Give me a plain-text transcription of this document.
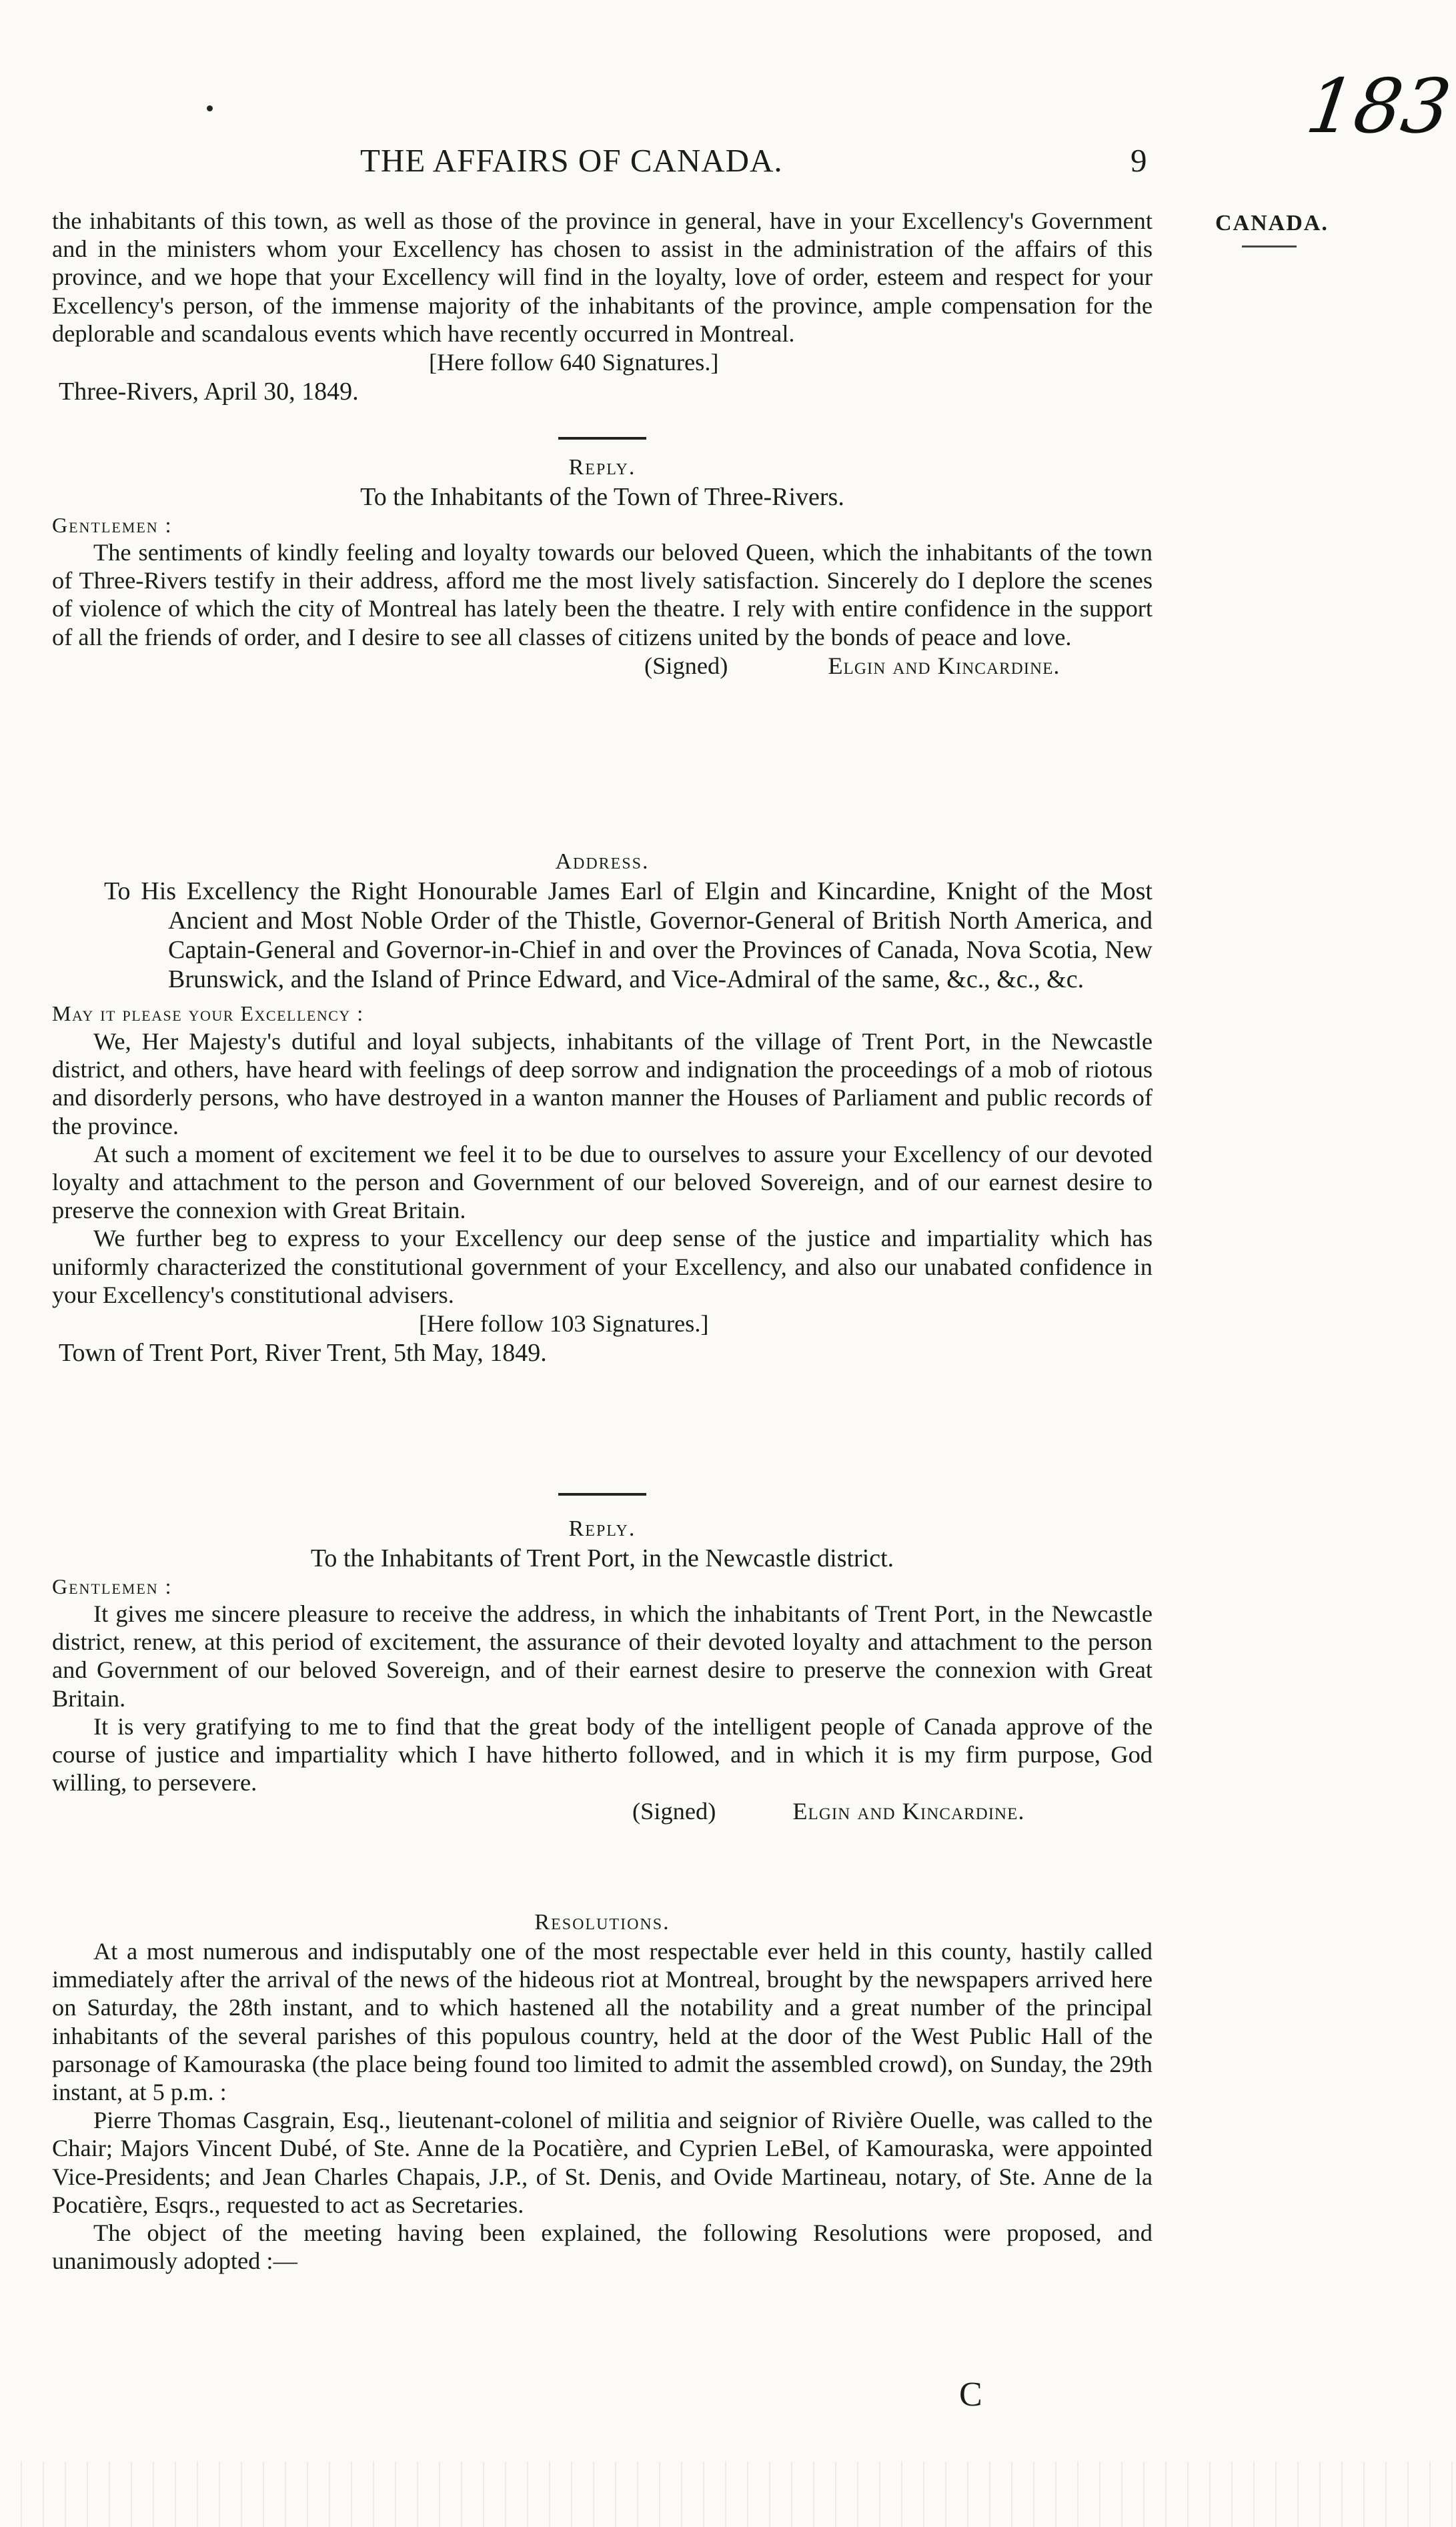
183
THE AFFAIRS OF CANADA.	9
CANADA.

the inhabitants of this town, as well as those of the province in general, have in your Excellency's Government and in the ministers whom your Excellency has chosen to assist in the administration of the affairs of this province, and we hope that your Excellency will find in the loyalty, love of order, esteem and respect for your Excellency's person, of the immense majority of the inhabitants of the province, ample compensation for the deplorable and scandalous events which have recently occurred in Montreal.

[Here follow 640 Signatures.]
Three-Rivers, April 30, 1849.
Reply.
To the Inhabitants of the Town of Three-Rivers.
Gentlemen :

The sentiments of kindly feeling and loyalty towards our beloved Queen, which the inhabitants of the town of Three-Rivers testify in their address, afford me the most lively satisfaction. Sincerely do I deplore the scenes of violence of which the city of Montreal has lately been the theatre. I rely with entire confidence in the support of all the friends of order, and I desire to see all classes of citizens united by the bonds of peace and love.

(Signed)	Elgin and Kincardine.
Address.

To His Excellency the Right Honourable James Earl of Elgin and Kincardine, Knight of the Most Ancient and Most Noble Order of the Thistle, Governor-General of British North America, and Captain-General and Governor-in-Chief in and over the Provinces of Canada, Nova Scotia, New Brunswick, and the Island of Prince Edward, and Vice-Admiral of the same, &c., &c., &c.

May it please your Excellency :

We, Her Majesty's dutiful and loyal subjects, inhabitants of the village of Trent Port, in the Newcastle district, and others, have heard with feelings of deep sorrow and indignation the proceedings of a mob of riotous and disorderly persons, who have destroyed in a wanton manner the Houses of Parliament and public records of the province.

At such a moment of excitement we feel it to be due to ourselves to assure your Excellency of our devoted loyalty and attachment to the person and Government of our beloved Sovereign, and of our earnest desire to preserve the connexion with Great Britain.

We further beg to express to your Excellency our deep sense of the justice and impartiality which has uniformly characterized the constitutional government of your Excellency, and also our unabated confidence in your Excellency's constitutional advisers.

[Here follow 103 Signatures.]
Town of Trent Port, River Trent, 5th May, 1849.
Reply.
To the Inhabitants of Trent Port, in the Newcastle district.
Gentlemen :

It gives me sincere pleasure to receive the address, in which the inhabitants of Trent Port, in the Newcastle district, renew, at this period of excitement, the assurance of their devoted loyalty and attachment to the person and Government of our beloved Sovereign, and of their earnest desire to preserve the connexion with Great Britain.

It is very gratifying to me to find that the great body of the intelligent people of Canada approve of the course of justice and impartiality which I have hitherto followed, and in which it is my firm purpose, God willing, to persevere.

(Signed)	Elgin and Kincardine.
Resolutions.

At a most numerous and indisputably one of the most respectable ever held in this county, hastily called immediately after the arrival of the news of the hideous riot at Montreal, brought by the newspapers arrived here on Saturday, the 28th instant, and to which hastened all the notability and a great number of the principal inhabitants of the several parishes of this populous country, held at the door of the West Public Hall of the parsonage of Kamouraska (the place being found too limited to admit the assembled crowd), on Sunday, the 29th instant, at 5 p.m. :

Pierre Thomas Casgrain, Esq., lieutenant-colonel of militia and seignior of Rivière Ouelle, was called to the Chair; Majors Vincent Dubé, of Ste. Anne de la Pocatière, and Cyprien LeBel, of Kamouraska, were appointed Vice-Presidents; and Jean Charles Chapais, J.P., of St. Denis, and Ovide Martineau, notary, of Ste. Anne de la Pocatière, Esqrs., requested to act as Secretaries.

The object of the meeting having been explained, the following Resolutions were proposed, and unanimously adopted :—

C
